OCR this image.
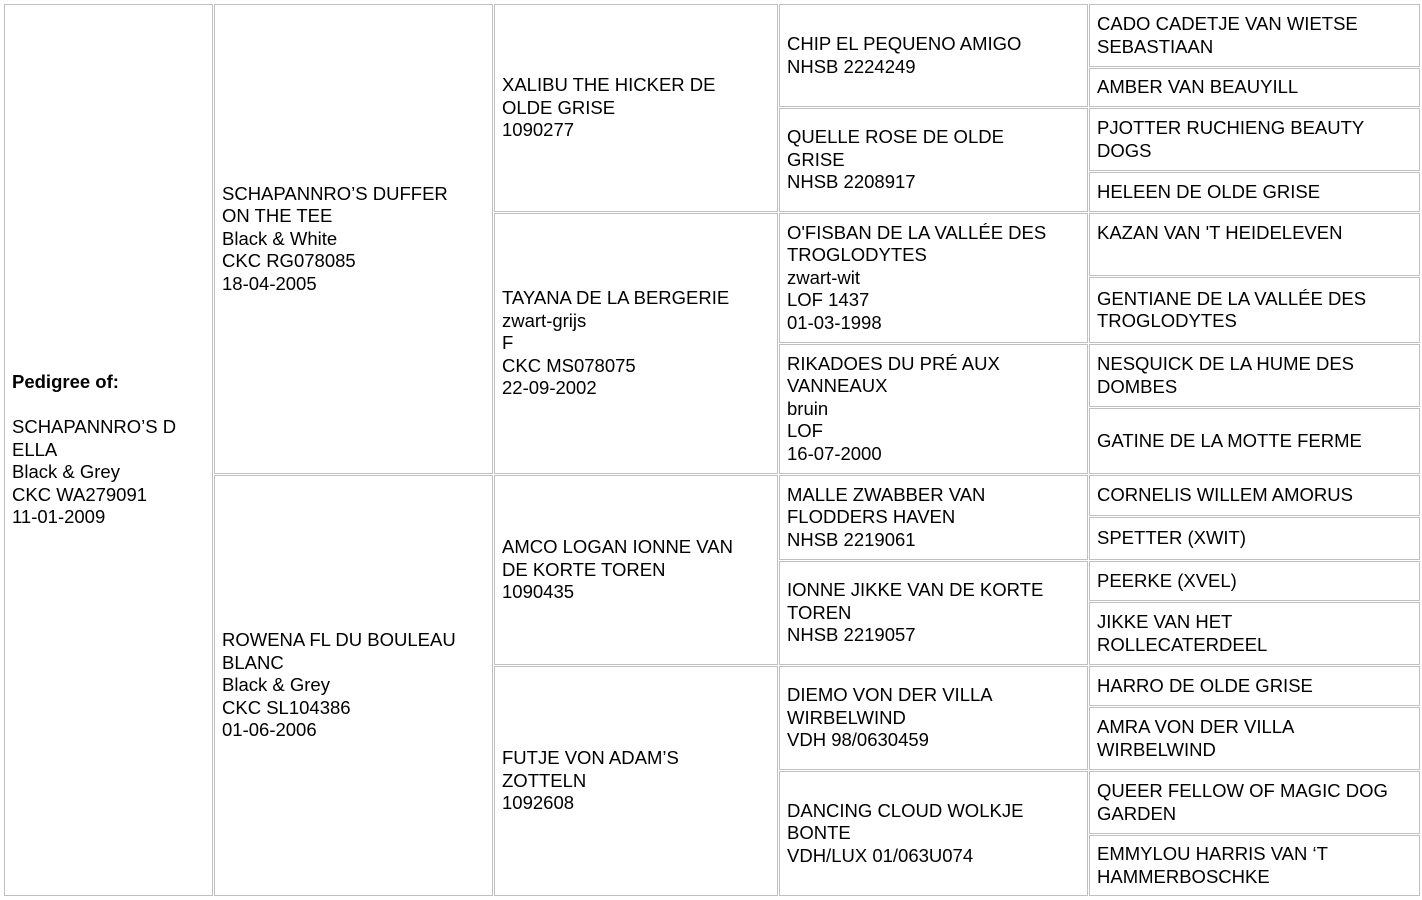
Pedigree of:
SCHAPANNRO’S D
ELLA
Black & Grey
CKC WA279091
11-01-2009
SCHAPANNRO’S DUFFER
ON THE TEE
Black & White
CKC RG078085
18-04-2005
ROWENA FL DU BOULEAU
BLANC
Black & Grey
CKC SL104386
01-06-2006
XALIBU THE HICKER DE
OLDE GRISE
1090277
TAYANA DE LA BERGERIE
zwart-grijs
F
CKC MS078075
22-09-2002
AMCO LOGAN IONNE VAN
DE KORTE TOREN
1090435
FUTJE VON ADAM’S
ZOTTELN
1092608
CHIP EL PEQUENO AMIGO
NHSB 2224249
QUELLE ROSE DE OLDE
GRISE
NHSB 2208917
O'FISBAN DE LA VALLÉE DES
TROGLODYTES
zwart-wit
LOF 1437
01-03-1998
RIKADOES DU PRÉ AUX
VANNEAUX
bruin
LOF
16-07-2000
MALLE ZWABBER VAN
FLODDERS HAVEN
NHSB 2219061
IONNE JIKKE VAN DE KORTE
TOREN
NHSB 2219057
DIEMO VON DER VILLA
WIRBELWIND
VDH 98/0630459
DANCING CLOUD WOLKJE
BONTE
VDH/LUX 01/063U074
CADO CADETJE VAN WIETSE
SEBASTIAAN
AMBER VAN BEAUYILL
PJOTTER RUCHIENG BEAUTY
DOGS
HELEEN DE OLDE GRISE
KAZAN VAN 'T HEIDELEVEN
GENTIANE DE LA VALLÉE DES
TROGLODYTES
NESQUICK DE LA HUME DES
DOMBES
GATINE DE LA MOTTE FERME
CORNELIS WILLEM AMORUS
SPETTER (XWIT)
PEERKE (XVEL)
JIKKE VAN HET
ROLLECATERDEEL
HARRO DE OLDE GRISE
AMRA VON DER VILLA
WIRBELWIND
QUEER FELLOW OF MAGIC DOG
GARDEN
EMMYLOU HARRIS VAN ‘T
HAMMERBOSCHKE
